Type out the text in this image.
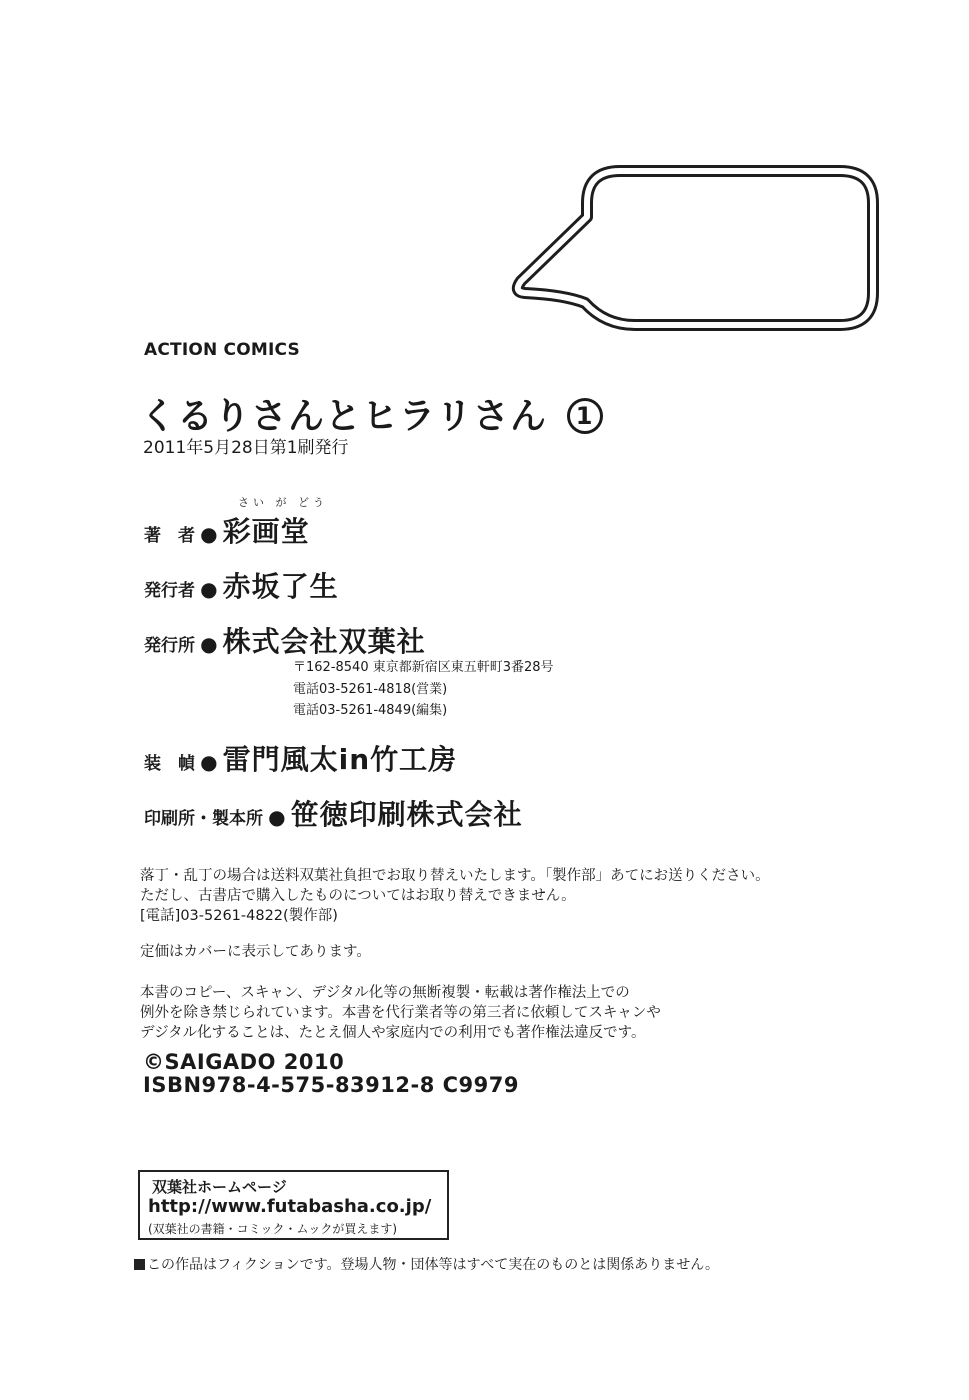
ACTION COMICS
くるりさんとヒラリさん 1
2011年5月28日第1刷発行
さい が どう
著　者 ● 彩画堂
発行者 ● 赤坂了生
発行所 ● 株式会社双葉社
〒162-8540 東京都新宿区東五軒町3番28号
電話03-5261-4818(営業)
電話03-5261-4849(編集)
装　幀 ● 雷門風太in竹工房
印刷所・製本所 ● 笹徳印刷株式会社
落丁・乱丁の場合は送料双葉社負担でお取り替えいたします。「製作部」あてにお送りください。
ただし、古書店で購入したものについてはお取り替えできません。
[電話]03-5261-4822(製作部)
定価はカバーに表示してあります。
本書のコピー、スキャン、デジタル化等の無断複製・転載は著作権法上での
例外を除き禁じられています。本書を代行業者等の第三者に依頼してスキャンや
デジタル化することは、たとえ個人や家庭内での利用でも著作権法違反です。
©SAIGADO 2010
ISBN978-4-575-83912-8 C9979
双葉社ホームページ
http://www.futabasha.co.jp/
(双葉社の書籍・コミック・ムックが買えます)
この作品はフィクションです。登場人物・団体等はすべて実在のものとは関係ありません。
